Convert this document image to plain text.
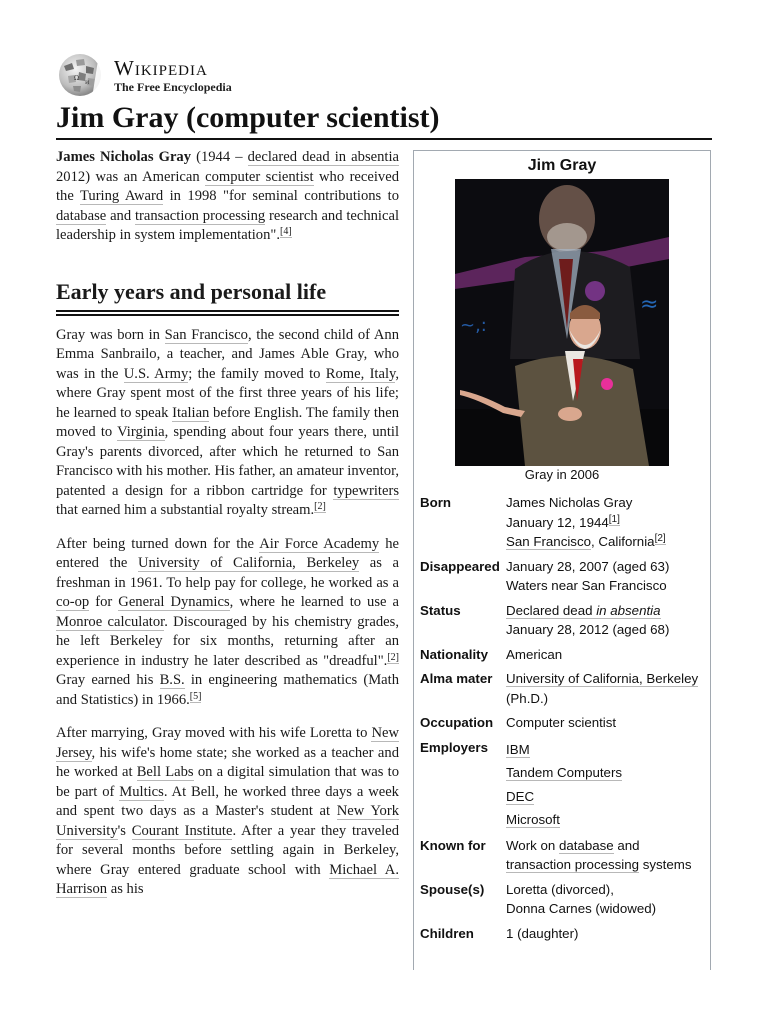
Ω
И
Wikipedia
The Free Encyclopedia
Jim Gray (computer scientist)

James Nicholas Gray (1944 – declared dead in absentia 2012) was an American computer scientist who received the Turing Award in 1998 "for seminal contributions to database and transaction processing research and technical leadership in system implementation".[4]

Early years and personal life

Gray was born in San Francisco, the second child of Ann Emma Sanbrailo, a teacher, and James Able Gray, who was in the U.S. Army; the family moved to Rome, Italy, where Gray spent most of the first three years of his life; he learned to speak Italian before English. The family then moved to Virginia, spending about four years there, until Gray's parents divorced, after which he returned to San Francisco with his mother. His father, an amateur inventor, patented a design for a ribbon cartridge for typewriters that earned him a substantial royalty stream.[2]

After being turned down for the Air Force Academy he entered the University of California, Berkeley as a freshman in 1961. To help pay for college, he worked as a co-op for General Dynamics, where he learned to use a Monroe calculator. Discouraged by his chemistry grades, he left Berkeley for six months, returning after an experience in industry he later described as "dreadful".[2] Gray earned his B.S. in engineering mathematics (Math and Statistics) in 1966.[5]

After marrying, Gray moved with his wife Loretta to New Jersey, his wife's home state; she worked as a teacher and he worked at Bell Labs on a digital simulation that was to be part of Multics. At Bell, he worked three days a week and spent two days as a Master's student at New York University's Courant Institute. After a year they traveled for several months before settling again in Berkeley, where Gray entered graduate school with Michael A. Harrison as his

Jim Gray
~,:
≈
Gray in 2006
Born	James Nicholas Gray
January 12, 1944[1]
San Francisco, California[2]
Disappeared January 28, 2007 (aged 63)
Waters near San Francisco
Status	Declared dead in absentia
January 28, 2012 (aged 68)
Nationality	American
Alma mater	University of California, Berkeley
(Ph.D.)
Occupation Computer scientist
Employers	IBM
Tandem Computers
DEC
Microsoft
Known for	Work on database and
transaction processing systems
Spouse(s)	Loretta (divorced),
Donna Carnes (widowed)
Children	1 (daughter)
